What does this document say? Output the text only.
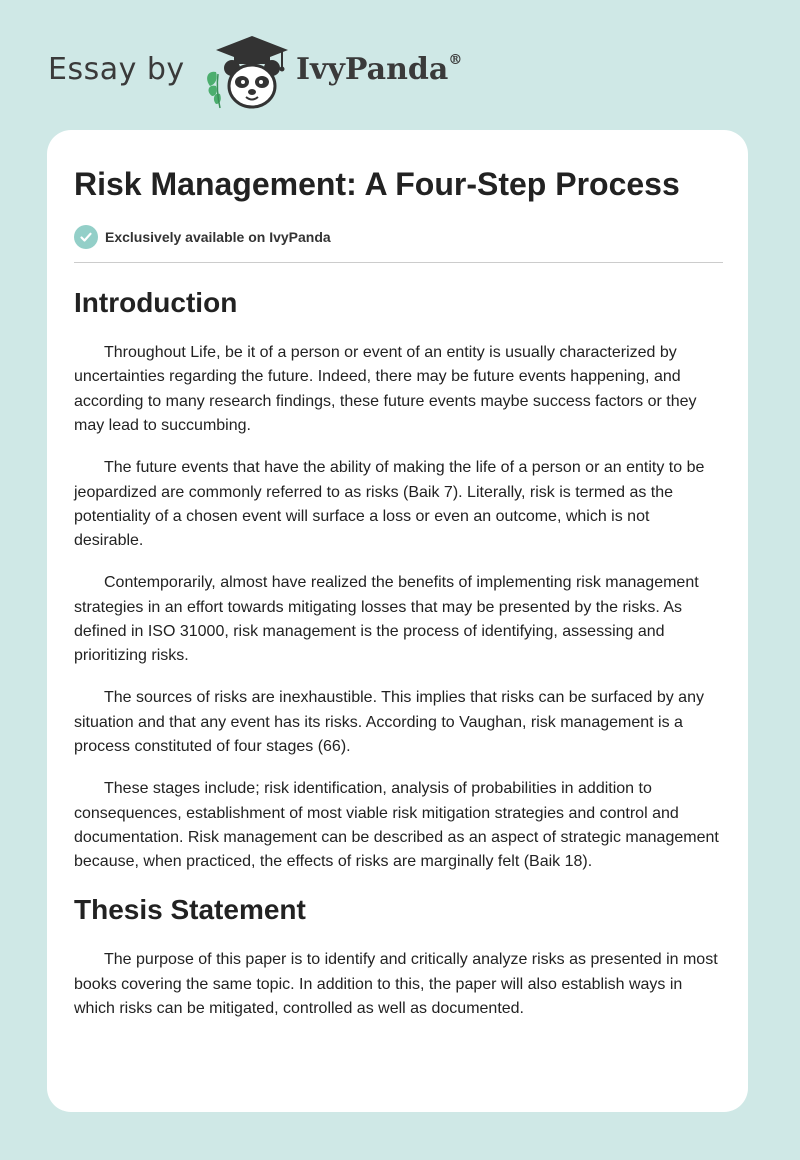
Essay by	IvyPanda®
Risk Management: A Four-Step Process
Exclusively available on IvyPanda
Introduction

Throughout Life, be it of a person or event of an entity is usually characterized by uncertainties regarding the future. Indeed, there may be future events happening, and according to many research findings, these future events maybe success factors or they may lead to succumbing.

The future events that have the ability of making the life of a person or an entity to be jeopardized are commonly referred to as risks (Baik 7). Literally, risk is termed as the potentiality of a chosen event will surface a loss or even an outcome, which is not desirable.

Contemporarily, almost have realized the benefits of implementing risk management strategies in an effort towards mitigating losses that may be presented by the risks. As defined in ISO 31000, risk management is the process of identifying, assessing and prioritizing risks.

The sources of risks are inexhaustible. This implies that risks can be surfaced by any situation and that any event has its risks. According to Vaughan, risk management is a process constituted of four stages (66).

These stages include; risk identification, analysis of probabilities in addition to consequences, establishment of most viable risk mitigation strategies and control and documentation. Risk management can be described as an aspect of strategic management because, when practiced, the effects of risks are marginally felt (Baik 18).

Thesis Statement

The purpose of this paper is to identify and critically analyze risks as presented in most books covering the same topic. In addition to this, the paper will also establish ways in which risks can be mitigated, controlled as well as documented.
